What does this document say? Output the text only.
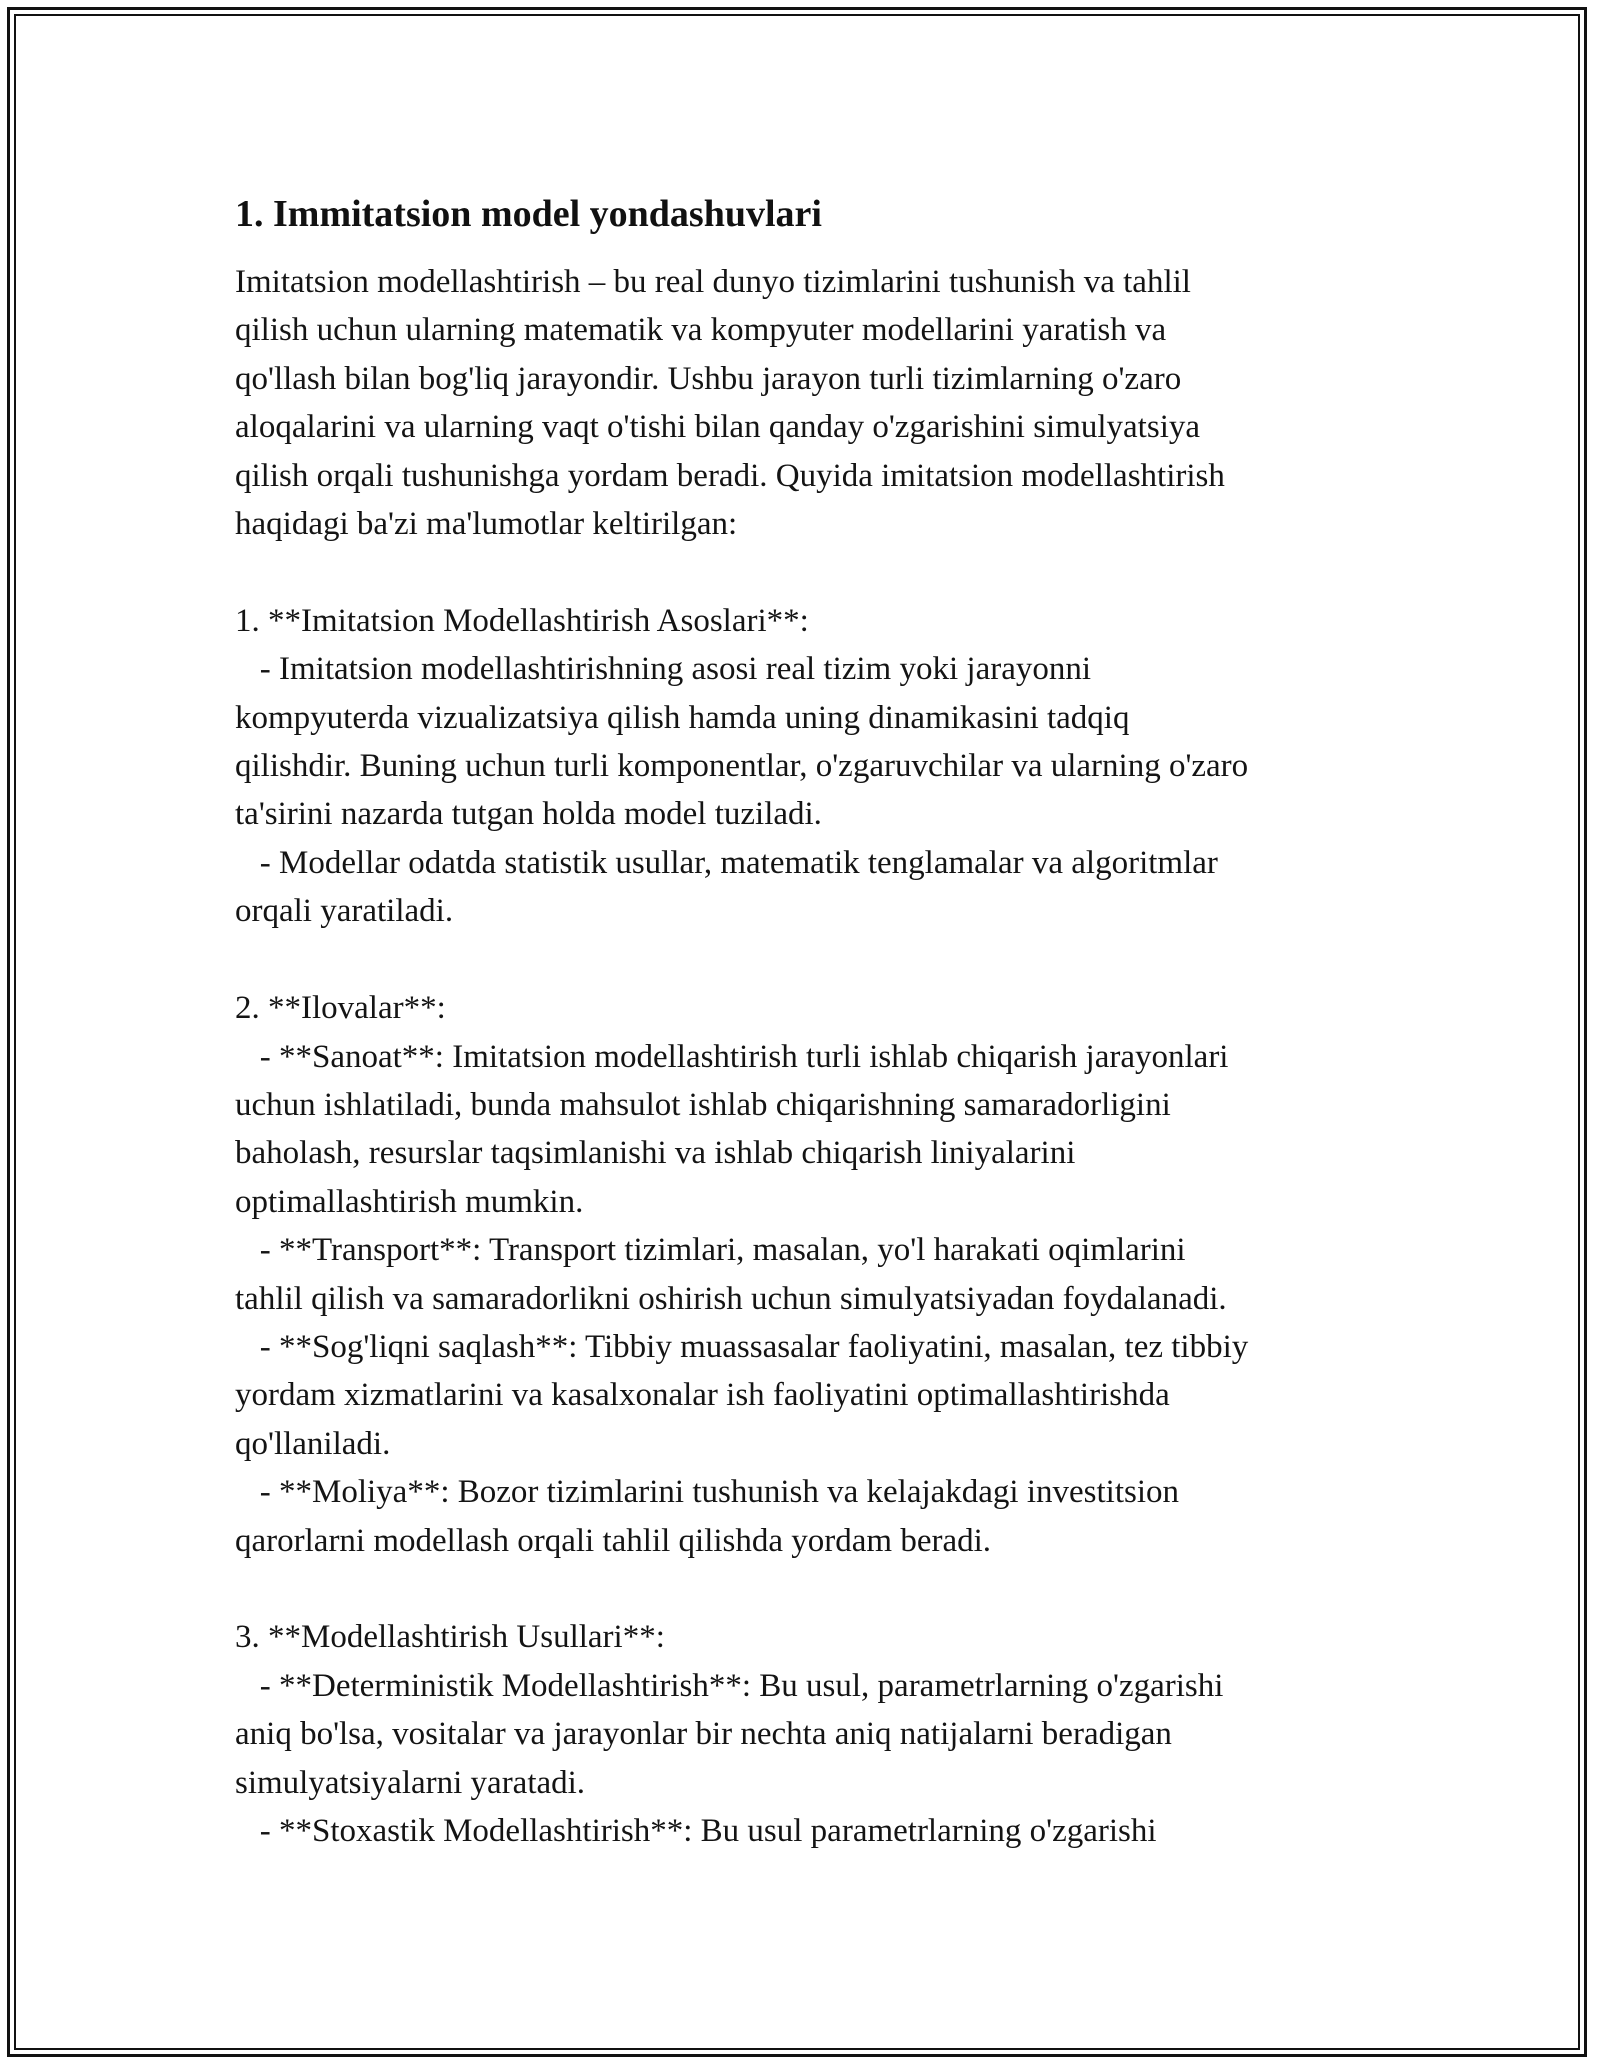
1. Immitatsion model yondashuvlari
Imitatsion modellashtirish – bu real dunyo tizimlarini tushunish va tahlil
qilish uchun ularning matematik va kompyuter modellarini yaratish va
qo'llash bilan bog'liq jarayondir. Ushbu jarayon turli tizimlarning o'zaro
aloqalarini va ularning vaqt o'tishi bilan qanday o'zgarishini simulyatsiya
qilish orqali tushunishga yordam beradi. Quyida imitatsion modellashtirish
haqidagi ba'zi ma'lumotlar keltirilgan:

1. **Imitatsion Modellashtirish Asoslari**:
- Imitatsion modellashtirishning asosi real tizim yoki jarayonni
kompyuterda vizualizatsiya qilish hamda uning dinamikasini tadqiq
qilishdir. Buning uchun turli komponentlar, o'zgaruvchilar va ularning o'zaro
ta'sirini nazarda tutgan holda model tuziladi.
- Modellar odatda statistik usullar, matematik tenglamalar va algoritmlar
orqali yaratiladi.

2. **Ilovalar**:
- **Sanoat**: Imitatsion modellashtirish turli ishlab chiqarish jarayonlari
uchun ishlatiladi, bunda mahsulot ishlab chiqarishning samaradorligini
baholash, resurslar taqsimlanishi va ishlab chiqarish liniyalarini
optimallashtirish mumkin.
- **Transport**: Transport tizimlari, masalan, yo'l harakati oqimlarini
tahlil qilish va samaradorlikni oshirish uchun simulyatsiyadan foydalanadi.
- **Sog'liqni saqlash**: Tibbiy muassasalar faoliyatini, masalan, tez tibbiy
yordam xizmatlarini va kasalxonalar ish faoliyatini optimallashtirishda
qo'llaniladi.
- **Moliya**: Bozor tizimlarini tushunish va kelajakdagi investitsion
qarorlarni modellash orqali tahlil qilishda yordam beradi.

3. **Modellashtirish Usullari**:
- **Deterministik Modellashtirish**: Bu usul, parametrlarning o'zgarishi
aniq bo'lsa, vositalar va jarayonlar bir nechta aniq natijalarni beradigan
simulyatsiyalarni yaratadi.
- **Stoxastik Modellashtirish**: Bu usul parametrlarning o'zgarishi
